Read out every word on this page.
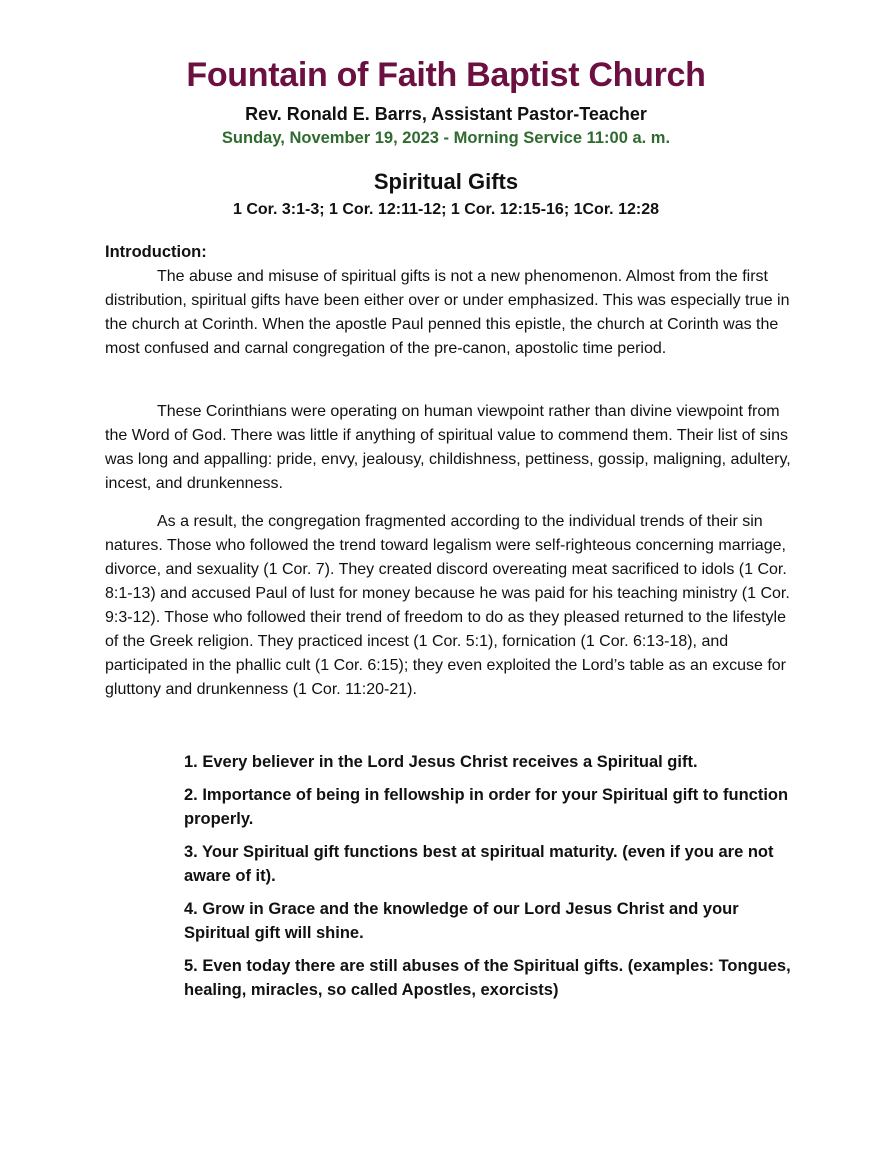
Fountain of Faith Baptist Church
Rev. Ronald E. Barrs, Assistant Pastor-Teacher
Sunday, November 19, 2023 - Morning Service 11:00 a. m.
Spiritual Gifts
1 Cor. 3:1-3; 1 Cor. 12:11-12; 1 Cor. 12:15-16; 1Cor. 12:28
Introduction:

The abuse and misuse of spiritual gifts is not a new phenomenon. Almost from the first distribution, spiritual gifts have been either over or under emphasized. This was especially true in the church at Corinth. When the apostle Paul penned this epistle, the church at Corinth was the most confused and carnal congregation of the pre-canon, apostolic time period.

These Corinthians were operating on human viewpoint rather than divine viewpoint from the Word of God. There was little if anything of spiritual value to commend them. Their list of sins was long and appalling: pride, envy, jealousy, childishness, pettiness, gossip, maligning, adultery, incest, and drunkenness.

As a result, the congregation fragmented according to the individual trends of their sin natures. Those who followed the trend toward legalism were self-righteous concerning marriage, divorce, and sexuality (1 Cor. 7). They created discord overeating meat sacrificed to idols (1 Cor. 8:1-13) and accused Paul of lust for money because he was paid for his teaching ministry (1 Cor. 9:3-12). Those who followed their trend of freedom to do as they pleased returned to the lifestyle of the Greek religion. They practiced incest (1 Cor. 5:1), fornication (1 Cor. 6:13-18), and participated in the phallic cult (1 Cor. 6:15); they even exploited the Lord’s table as an excuse for gluttony and drunkenness (1 Cor. 11:20-21).

1. Every believer in the Lord Jesus Christ receives a Spiritual gift.
2. Importance of being in fellowship in order for your Spiritual gift to function properly.
3. Your Spiritual gift functions best at spiritual maturity. (even if you are not aware of it).
4. Grow in Grace and the knowledge of our Lord Jesus Christ and your Spiritual gift will shine.
5. Even today there are still abuses of the Spiritual gifts. (examples: Tongues, healing, miracles, so called Apostles, exorcists)
